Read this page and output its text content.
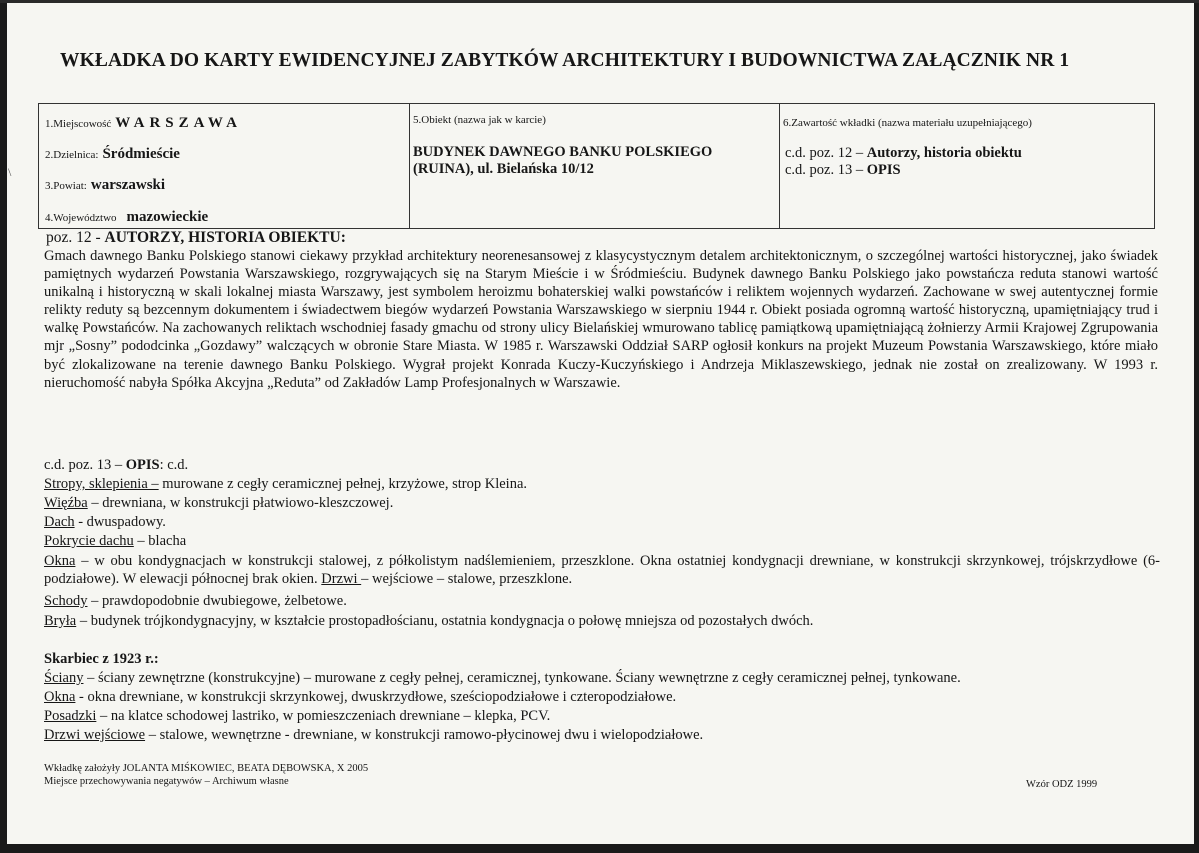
WKŁADKA DO KARTY EWIDENCYJNEJ ZABYTKÓW ARCHITEKTURY I BUDOWNICTWA ZAŁĄCZNIK NR 1
1.Miejscowość WARSZAWA
2.Dzielnica: Śródmieście
3.Powiat: warszawski
4.Województwo mazowieckie
5.Obiekt (nazwa jak w karcie)
BUDYNEK DAWNEGO BANKU POLSKIEGO (RUINA), ul. Bielańska 10/12
6.Zawartość wkładki (nazwa materiału uzupełniającego)
c.d. poz. 12 – Autorzy, historia obiektu
c.d. poz. 13 – OPIS
\
poz. 12 - AUTORZY, HISTORIA OBIEKTU:
Gmach dawnego Banku Polskiego stanowi ciekawy przykład architektury neorenesansowej z klasycystycznym detalem architektonicznym, o szczególnej wartości historycznej, jako świadek pamiętnych wydarzeń Powstania Warszawskiego, rozgrywających się na Starym Mieście i w Śródmieściu. Budynek dawnego Banku Polskiego jako powstańcza reduta stanowi wartość unikalną i historyczną w skali lokalnej miasta Warszawy, jest symbolem heroizmu bohaterskiej walki powstańców i reliktem wojennych wydarzeń. Zachowane w swej autentycznej formie relikty reduty są bezcennym dokumentem i świadectwem biegów wydarzeń Powstania Warszawskiego w sierpniu 1944 r. Obiekt posiada ogromną wartość historyczną, upamiętniający trud i walkę Powstańców. Na zachowanych reliktach wschodniej fasady gmachu od strony ulicy Bielańskiej wmurowano tablicę pamiątkową upamiętniającą żołnierzy Armii Krajowej Zgrupowania mjr „Sosny” pododcinka „Gozdawy” walczących w obronie Stare Miasta. W 1985 r. Warszawski Oddział SARP ogłosił konkurs na projekt Muzeum Powstania Warszawskiego, które miało być zlokalizowane na terenie dawnego Banku Polskiego. Wygrał projekt Konrada Kuczy-Kuczyńskiego i Andrzeja Miklaszewskiego, jednak nie został on zrealizowany. W 1993 r. nieruchomość nabyła Spółka Akcyjna „Reduta” od Zakładów Lamp Profesjonalnych w Warszawie.
c.d. poz. 13 – OPIS: c.d.
Stropy, sklepienia – murowane z cegły ceramicznej pełnej, krzyżowe, strop Kleina.
Więźba – drewniana, w konstrukcji płatwiowo-kleszczowej.
Dach - dwuspadowy.
Pokrycie dachu – blacha
Okna – w obu kondygnacjach w konstrukcji stalowej, z półkolistym nadślemieniem, przeszklone. Okna ostatniej kondygnacji drewniane, w konstrukcji skrzynkowej, trójskrzydłowe (6-podziałowe). W elewacji północnej brak okien. Drzwi – wejściowe – stalowe, przeszklone.
Schody – prawdopodobnie dwubiegowe, żelbetowe.
Bryła – budynek trójkondygnacyjny, w kształcie prostopadłościanu, ostatnia kondygnacja o połowę mniejsza od pozostałych dwóch.
Skarbiec z 1923 r.:
Ściany – ściany zewnętrzne (konstrukcyjne) – murowane z cegły pełnej, ceramicznej, tynkowane. Ściany wewnętrzne z cegły ceramicznej pełnej, tynkowane.
Okna - okna drewniane, w konstrukcji skrzynkowej, dwuskrzydłowe, sześciopodziałowe i czteropodziałowe.
Posadzki – na klatce schodowej lastriko, w pomieszczeniach drewniane – klepka, PCV.
Drzwi wejściowe – stalowe, wewnętrzne - drewniane, w konstrukcji ramowo-płycinowej dwu i wielopodziałowe.
Wkładkę założyły JOLANTA MIŚKOWIEC, BEATA DĘBOWSKA, X 2005
Miejsce przechowywania negatywów – Archiwum własne	Wzór ODZ 1999
